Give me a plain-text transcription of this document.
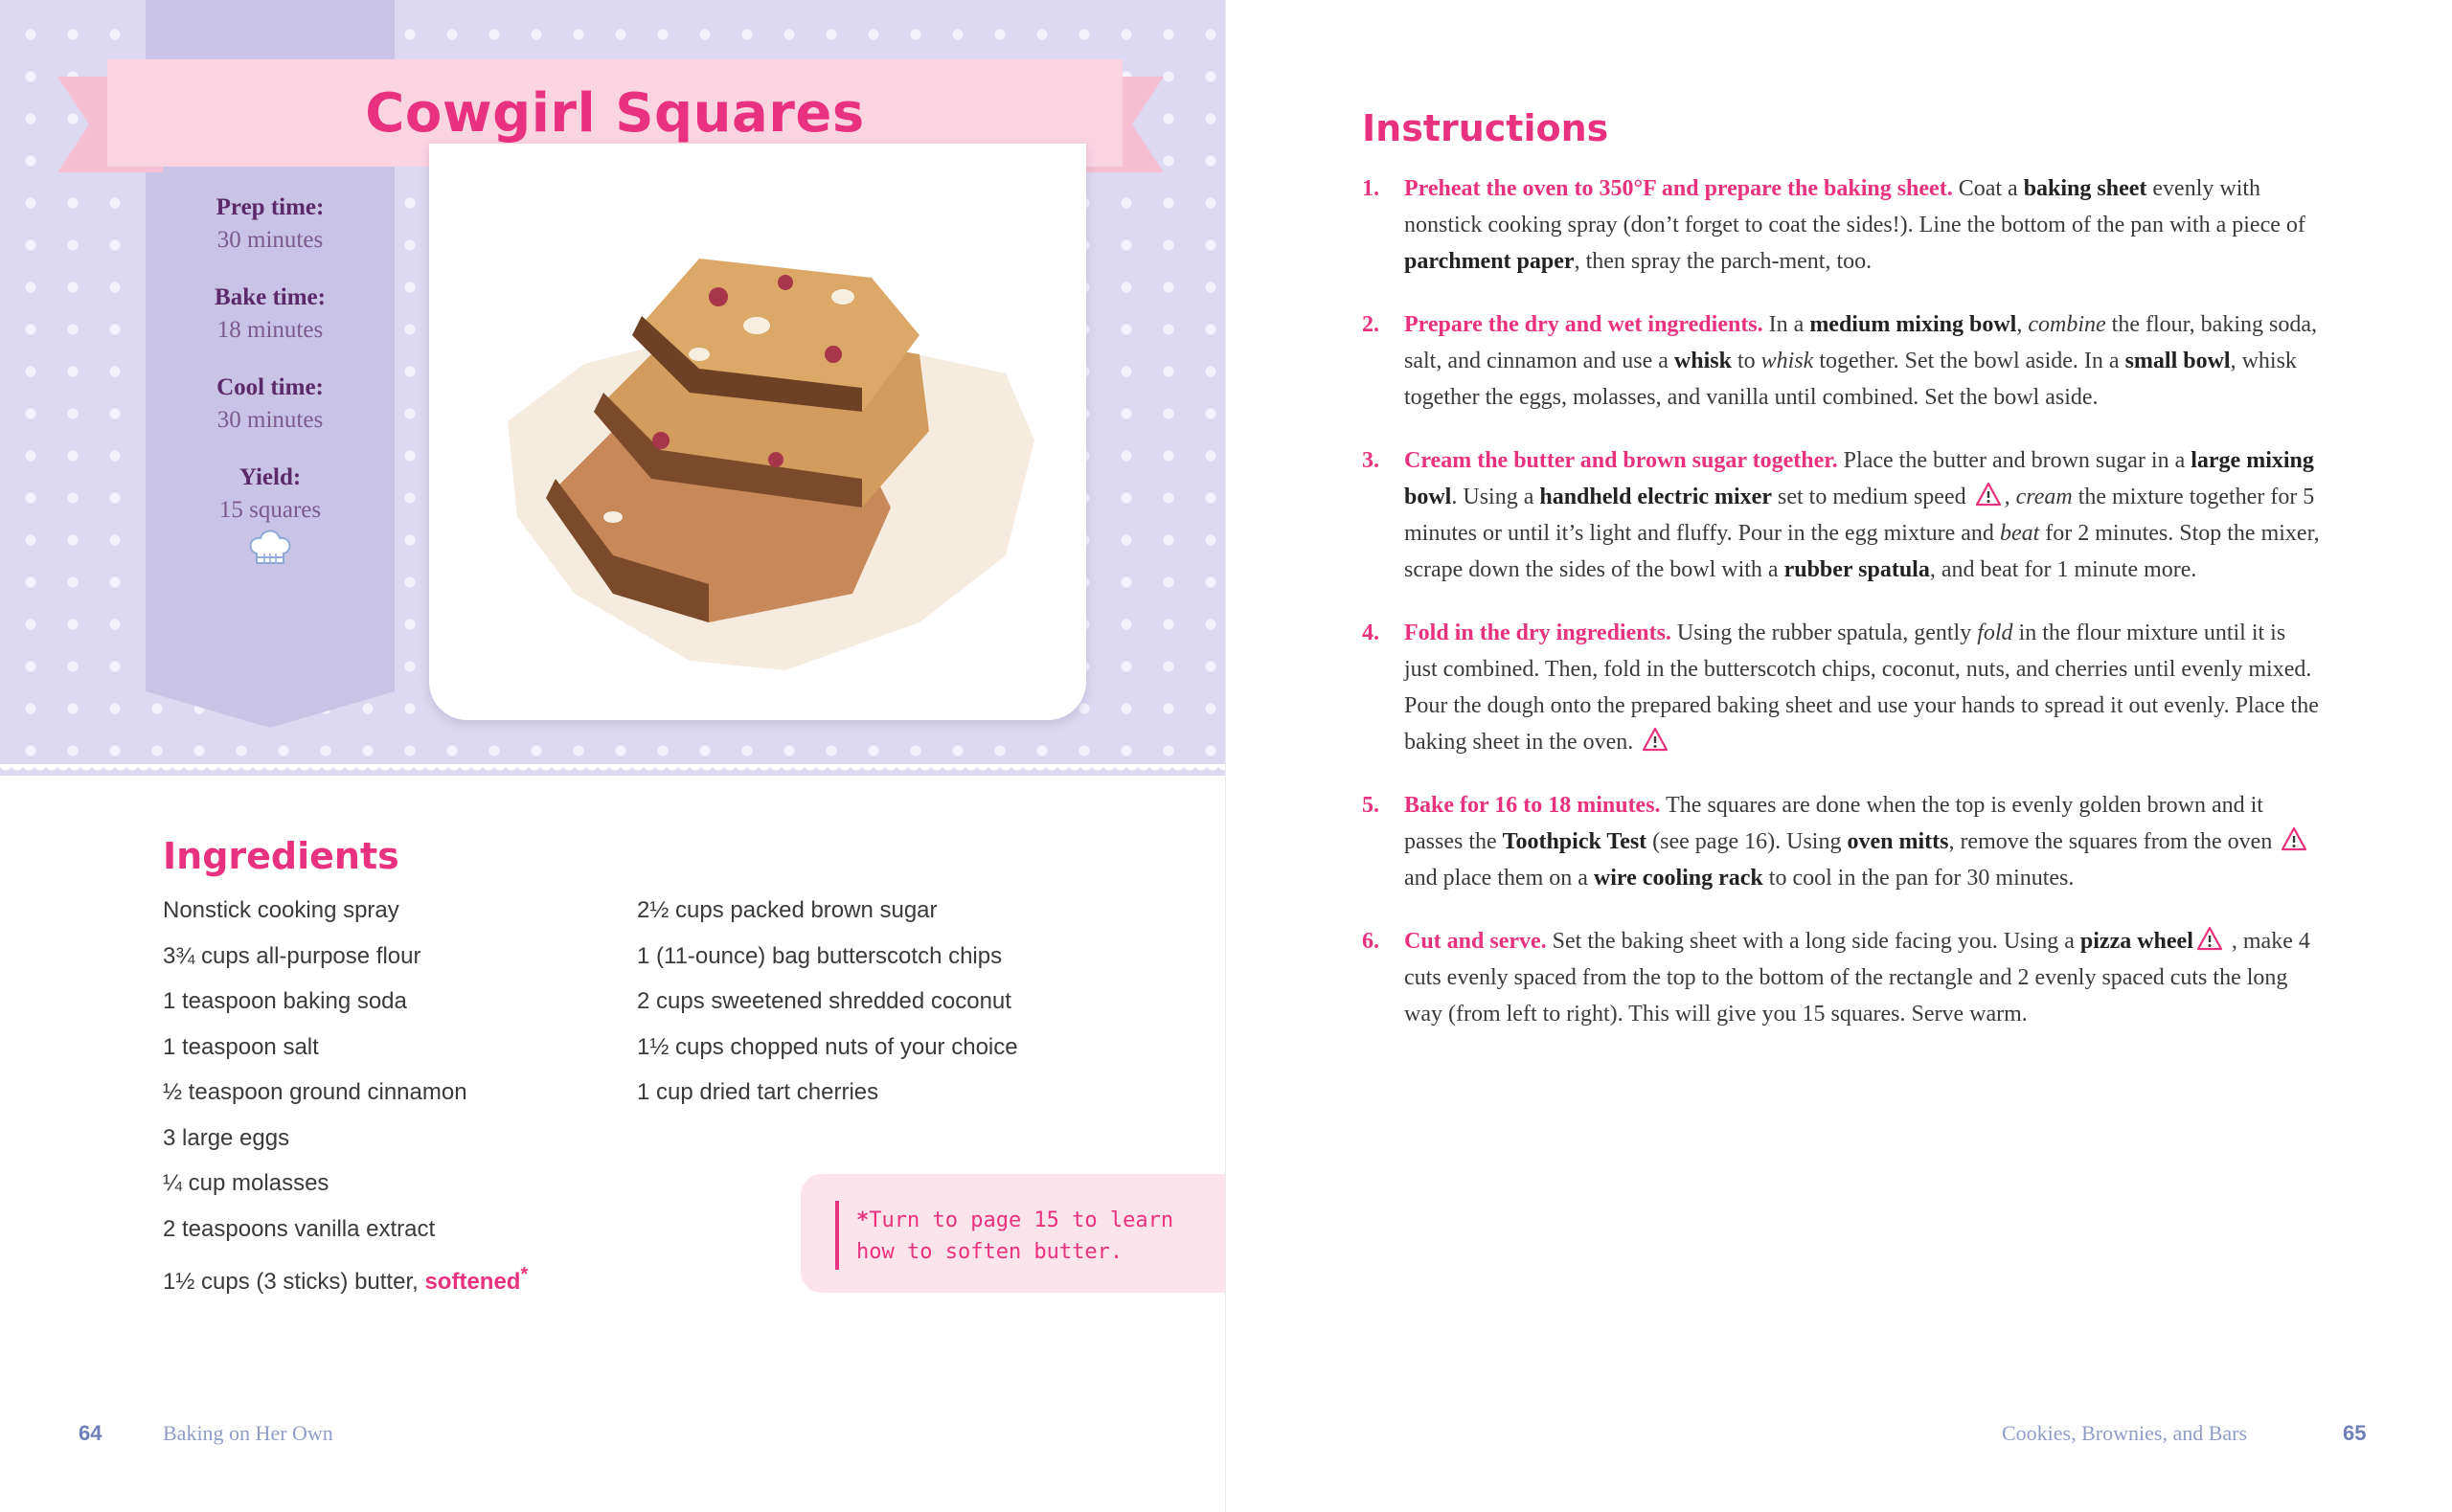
Cowgirl Squares
Prep time:
30 minutes
Bake time:
18 minutes
Cool time:
30 minutes
Yield:
15 squares
Ingredients
Nonstick cooking spray
3¾ cups all-purpose flour
1 teaspoon baking soda
1 teaspoon salt
½ teaspoon ground cinnamon
3 large eggs
¼ cup molasses
2 teaspoons vanilla extract
1½ cups (3 sticks) butter, softened*
2½ cups packed brown sugar
1 (11-ounce) bag butterscotch chips
2 cups sweetened shredded coconut
1½ cups chopped nuts of your choice
1 cup dried tart cherries
*Turn to page 15 to learn
how to soften butter.
64	Baking on Her Own
Instructions
1. Preheat the oven to 350°F and prepare the baking sheet. Coat a baking sheet evenly with nonstick cooking spray (don’t forget to coat the sides!). Line the bottom of the pan with a piece of parchment paper, then spray the parch-ment, too.
2. Prepare the dry and wet ingredients. In a medium mixing bowl, combine the flour, baking soda, salt, and cinnamon and use a whisk to whisk together. Set the bowl aside. In a small bowl, whisk together the eggs, molasses, and vanilla until combined. Set the bowl aside.
3. Cream the butter and brown sugar together. Place the butter and brown sugar in a large mixing bowl. Using a handheld electric mixer set to medium speed , cream the mixture together for 5 minutes or until it’s light and fluffy. Pour in the egg mixture and beat for 2 minutes. Stop the mixer, scrape down the sides of the bowl with a rubber spatula, and beat for 1 minute more.
4. Fold in the dry ingredients. Using the rubber spatula, gently fold in the flour mixture until it is just combined. Then, fold in the butterscotch chips, coconut, nuts, and cherries until evenly mixed. Pour the dough onto the prepared baking sheet and use your hands to spread it out evenly. Place the baking sheet in the oven.
5. Bake for 16 to 18 minutes. The squares are done when the top is evenly golden brown and it passes the Toothpick Test (see page 16). Using oven mitts, remove the squares from the oven  and place them on a wire cooling rack to cool in the pan for 30 minutes.
6. Cut and serve. Set the baking sheet with a long side facing you. Using a pizza wheel , make 4 cuts evenly spaced from the top to the bottom of the rectangle and 2 evenly spaced cuts the long way (from left to right). This will give you 15 squares. Serve warm.
Cookies, Brownies, and Bars	65
